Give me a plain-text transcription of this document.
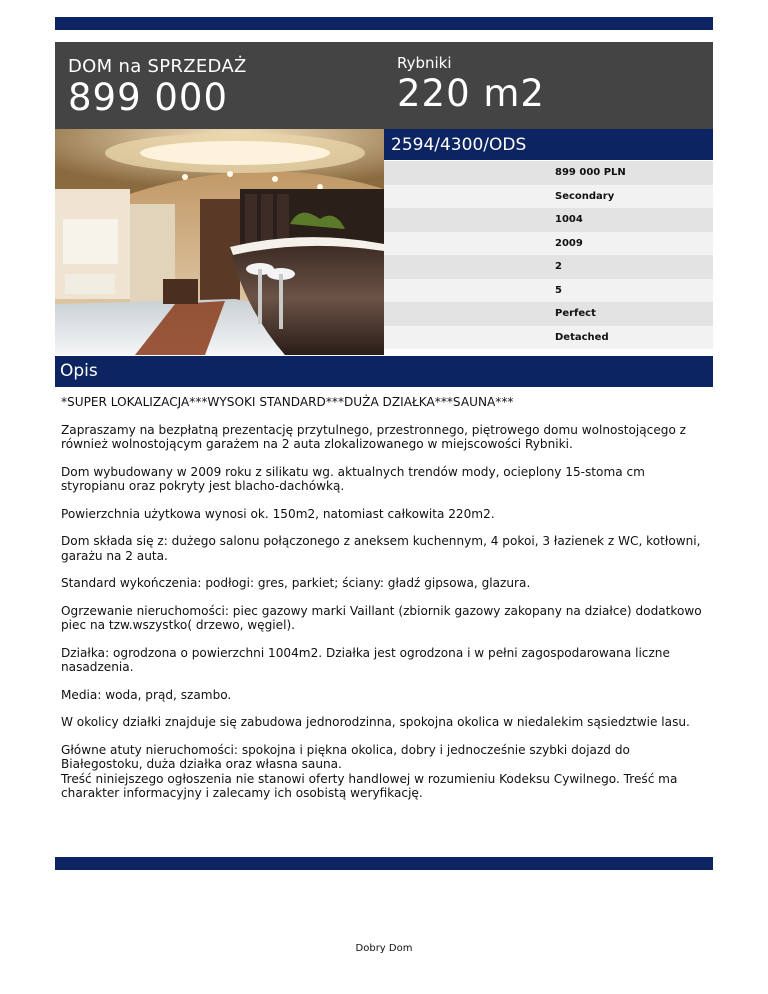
DOM na SPRZEDAŻ
899 000
Rybniki
220 m2
2594/4300/ODS
899 000 PLN
Secondary
1004
2009
2
5
Perfect
Detached
Opis

*SUPER LOKALIZACJA***WYSOKI STANDARD***DUŻA DZIAŁKA***SAUNA***

Zapraszamy na bezpłatną prezentację przytulnego, przestronnego, piętrowego domu wolnostojącego z również wolnostojącym garażem na 2 auta zlokalizowanego w miejscowości Rybniki.

Dom wybudowany w 2009 roku z silikatu wg. aktualnych trendów mody, ocieplony 15-stoma cm styropianu oraz pokryty jest blacho-dachówką.

Powierzchnia użytkowa wynosi ok. 150m2, natomiast całkowita 220m2.

Dom składa się z: dużego salonu połączonego z aneksem kuchennym, 4 pokoi, 3 łazienek z WC, kotłowni, garażu na 2 auta.

Standard wykończenia: podłogi: gres, parkiet; ściany: gładź gipsowa, glazura.

Ogrzewanie nieruchomości: piec gazowy marki Vaillant (zbiornik gazowy zakopany na działce) dodatkowo piec na tzw.wszystko( drzewo, węgiel).

Działka: ogrodzona o powierzchni 1004m2. Działka jest ogrodzona i w pełni zagospodarowana liczne nasadzenia.

Media: woda, prąd, szambo.

W okolicy działki znajduje się zabudowa jednorodzinna, spokojna okolica w niedalekim sąsiedztwie lasu.

Główne atuty nieruchomości: spokojna i piękna okolica, dobry i jednocześnie szybki dojazd do Białegostoku, duża działka oraz własna sauna.

Treść niniejszego ogłoszenia nie stanowi oferty handlowej w rozumieniu Kodeksu Cywilnego. Treść ma charakter informacyjny i zalecamy ich osobistą weryfikację.

Dobry Dom
